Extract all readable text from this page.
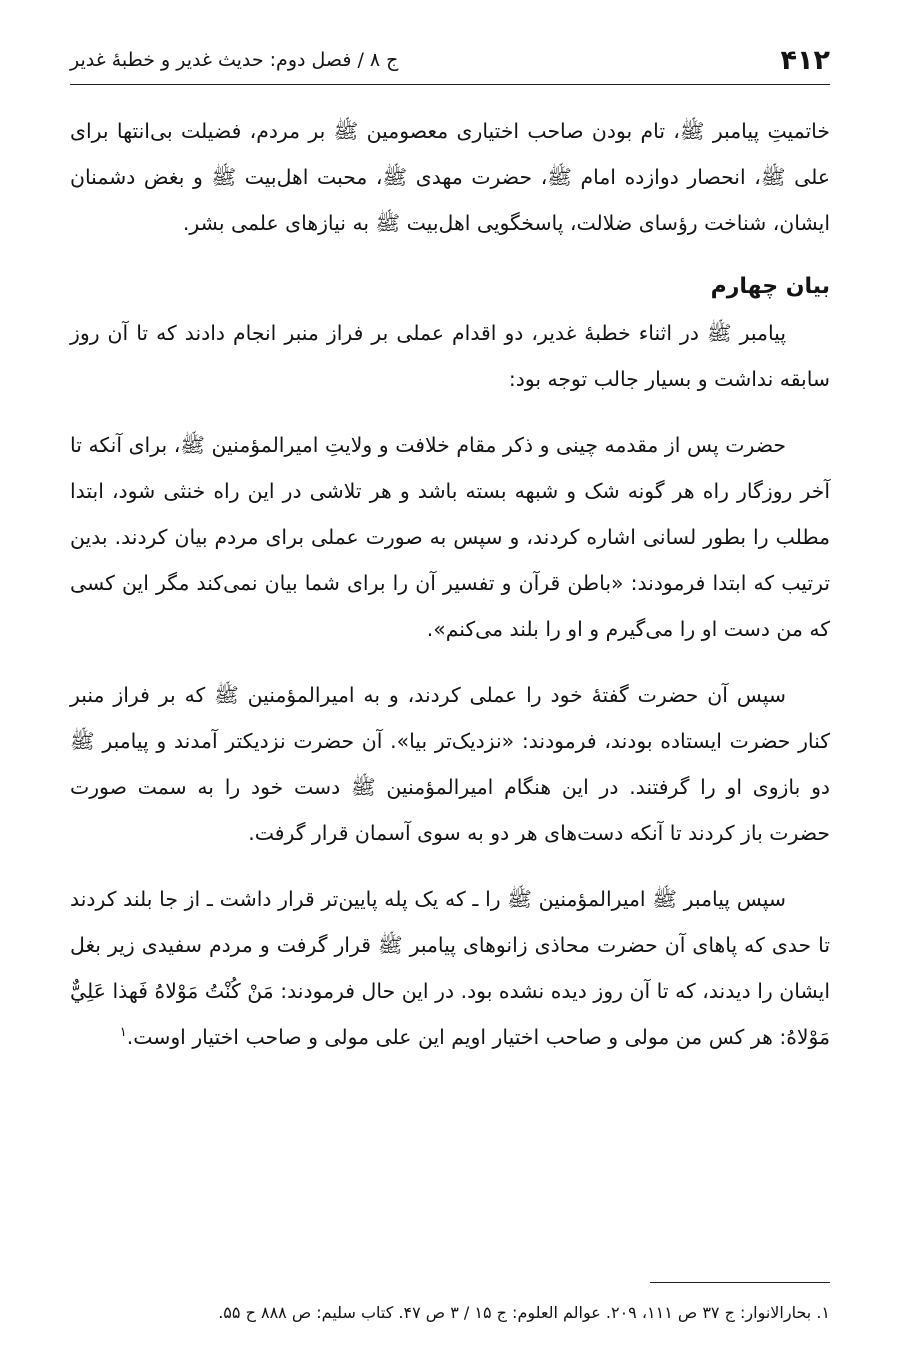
۴۱۲
ج ۸ / فصل دوم: حدیث غدیر و خطبهٔ غدیر

خاتمیتِ پیامبر ﷺ، تام بودن صاحب اختیاری معصومین ﷺ بر مردم، فضیلت بی‌انتها برای علی ﷺ، انحصار دوازده امام ﷺ، حضرت مهدی ﷺ، محبت اهل‌بیت ﷺ و بغض دشمنان ایشان، شناخت رؤسای ضلالت، پاسخگویی اهل‌بیت ﷺ به نیازهای علمی بشر.

بیان چهارم

پیامبر ﷺ در اثناء خطبهٔ غدیر، دو اقدام عملی بر فراز منبر انجام دادند که تا آن روز سابقه نداشت و بسیار جالب توجه بود:

حضرت پس از مقدمه چینی و ذکر مقام خلافت و ولایتِ امیرالمؤمنین ﷺ، برای آنکه تا آخر روزگار راه هر گونه شک و شبهه بسته باشد و هر تلاشی در این راه خنثی شود، ابتدا مطلب را بطور لسانی اشاره کردند، و سپس به صورت عملی برای مردم بیان کردند. بدین ترتیب که ابتدا فرمودند: «باطن قرآن و تفسیر آن را برای شما بیان نمی‌کند مگر این کسی که من دست او را می‌گیرم و او را بلند می‌کنم».

سپس آن حضرت گفتهٔ خود را عملی کردند، و به امیرالمؤمنین ﷺ که بر فراز منبر کنار حضرت ایستاده بودند، فرمودند: «نزدیک‌تر بیا». آن حضرت نزدیکتر آمدند و پیامبر ﷺ دو بازوی او را گرفتند. در این هنگام امیرالمؤمنین ﷺ دست خود را به سمت صورت حضرت باز کردند تا آنکه دست‌های هر دو به سوی آسمان قرار گرفت.

سپس پیامبر ﷺ امیرالمؤمنین ﷺ را ـ که یک پله پایین‌تر قرار داشت ـ از جا بلند کردند تا حدی که پاهای آن حضرت محاذی زانوهای پیامبر ﷺ قرار گرفت و مردم سفیدی زیر بغل ایشان را دیدند، که تا آن روز دیده نشده بود. در این حال فرمودند: مَنْ كُنْتُ مَوْلاهُ فَهذا عَلِيٌّ مَوْلاهُ: هر کس من مولی و صاحب اختیار اویم این علی مولی و صاحب اختیار اوست.$^۱$

۱. بحارالانوار: ج ۳۷ ص ۱۱۱، ۲۰۹. عوالم العلوم: ج ۱۵ / ۳ ص ۴۷. کتاب سلیم: ص ۸۸۸ ح ۵۵.
